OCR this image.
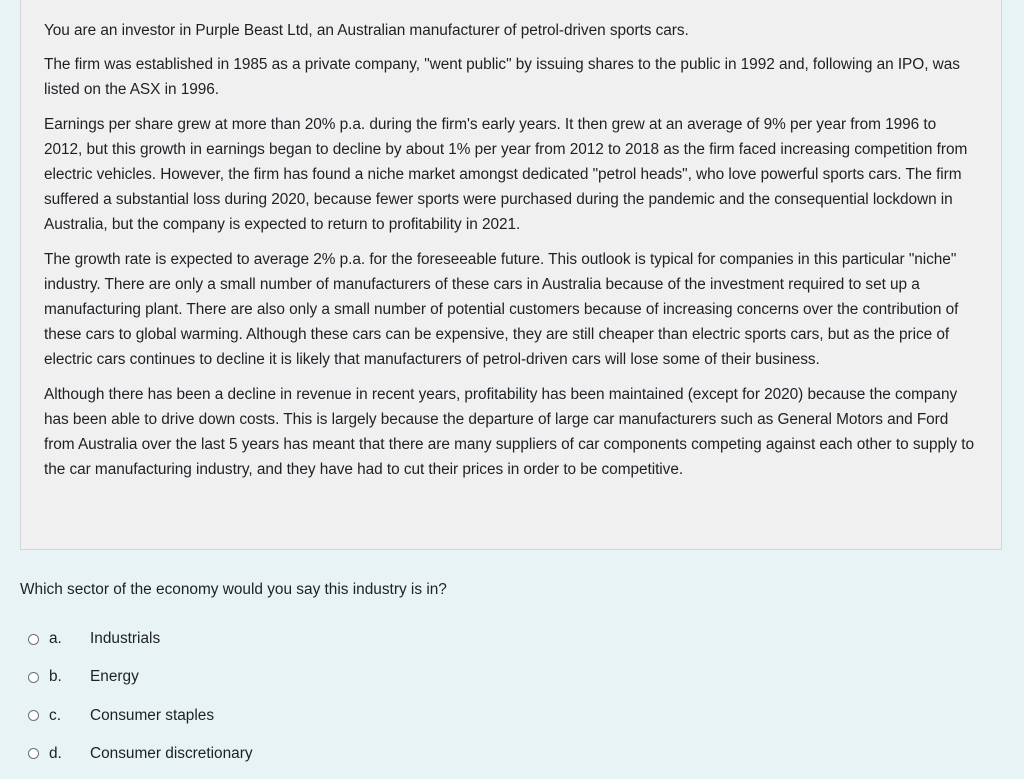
You are an investor in Purple Beast Ltd, an Australian manufacturer of petrol-driven sports cars.

The firm was established in 1985 as a private company, "went public" by issuing shares to the public in 1992 and, following an IPO, was listed on the ASX in 1996.

Earnings per share grew at more than 20% p.a. during the firm's early years. It then grew at an average of 9% per year from 1996 to 2012, but this growth in earnings began to decline by about 1% per year from 2012 to 2018 as the firm faced increasing competition from electric vehicles. However, the firm has found a niche market amongst dedicated "petrol heads", who love powerful sports cars. The firm suffered a substantial loss during 2020, because fewer sports were purchased during the pandemic and the consequential lockdown in Australia, but the company is expected to return to profitability in 2021.

The growth rate is expected to average 2% p.a. for the foreseeable future. This outlook is typical for companies in this particular "niche" industry. There are only a small number of manufacturers of these cars in Australia because of the investment required to set up a manufacturing plant. There are also only a small number of potential customers because of increasing concerns over the contribution of these cars to global warming. Although these cars can be expensive, they are still cheaper than electric sports cars, but as the price of electric cars continues to decline it is likely that manufacturers of petrol-driven cars will lose some of their business.

Although there has been a decline in revenue in recent years, profitability has been maintained (except for 2020) because the company has been able to drive down costs. This is largely because the departure of large car manufacturers such as General Motors and Ford from Australia over the last 5 years has meant that there are many suppliers of car components competing against each other to supply to the car manufacturing industry, and they have had to cut their prices in order to be competitive.

Which sector of the economy would you say this industry is in?

a.	Industrials
b.	Energy
c.	Consumer staples
d.	Consumer discretionary
